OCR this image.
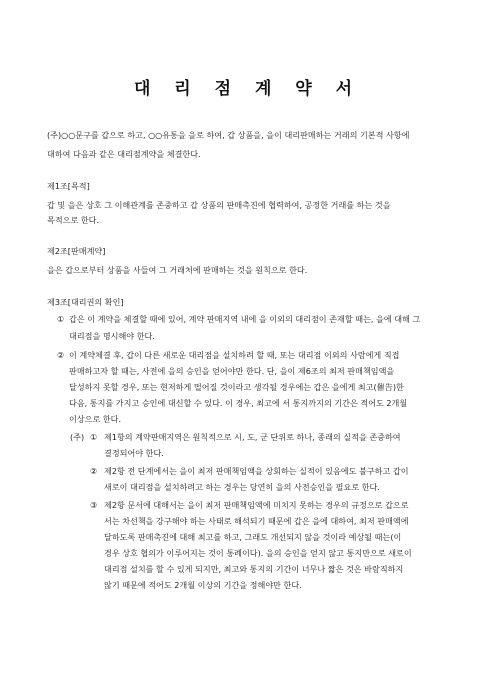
대 리 점 계 약 서
(주)○○문구를 갑으로 하고, ○○유통을 을로 하여, 갑 상품을, 을이 대리판매하는 거래의 기본적 사항에
대하여 다음과 같은 대리점계약을 체결한다.
제1조[목적]
갑 및 을은 상호 그 이해관계를 존중하고 갑 상품의 판매촉진에 협력하여, 공정한 거래를 하는 것을
목적으로 한다.
제2조[판매계약]
을은 갑으로부터 상품을 사들여 그 거래처에 판매하는 것을 원칙으로 한다.
제3조[대리권의 확인]
① 갑은 이 계약을 체결할 때에 있어, 계약 판매지역 내에 을 이외의 대리점이 존재할 때는, 을에 대해 그
대리점을 명시해야 한다.
② 이 계약체결 후, 갑이 다른 새로운 대리점을 설치하려 할 때, 또는 대리점 이외의 사람에게 직접
판매하고자 할 때는, 사전에 을의 승인을 얻어야만 한다. 단, 을이 제6조의 최저 판매책임액을
달성하지 못할 경우, 또는 현저하게 떨어질 것이라고 생각될 경우에는 갑은 을에게 최고(催告)한
다음, 통지를 가지고 승인에 대신할 수 있다. 이 경우, 최고에 서 통지까지의 기간은 적어도 2개월
이상으로 한다.
(주) ① 제1항의 계약판매지역은 원칙적으로 시, 도, 군 단위로 하나, 종래의 실적을 존중하여
결정되어야 한다.
② 제2항 전 단계에서는 을이 최저 판매책임액을 상회하는 실적이 있음에도 불구하고 갑이
새로이 대리점을 설치하려고 하는 경우는 당연히 을의 사전승인을 필요로 한다.
③ 제2항 문서에 대해서는 을이 최저 판매책임액에 미치지 못하는 경우의 규정으로 갑으로
서는 차선책을 강구해야 하는 사태로 해석되기 때문에 갑은 을에 대하여, 최저 판매액에
달하도록 판매촉진에 대해 최고를 하고, 그래도 개선되지 않을 것이라 예상될 때는(이
경우 상호 협의가 이루어지는 것이 통례이다). 을의 승인을 얻지 않고 통지만으로 새로이
대리점 설치를 할 수 있게 되지만, 최고와 통지의 기간이 너무나 짧은 것은 바람직하지
않기 때문에 적어도 2개월 이상의 기간을 정해야만 한다.
